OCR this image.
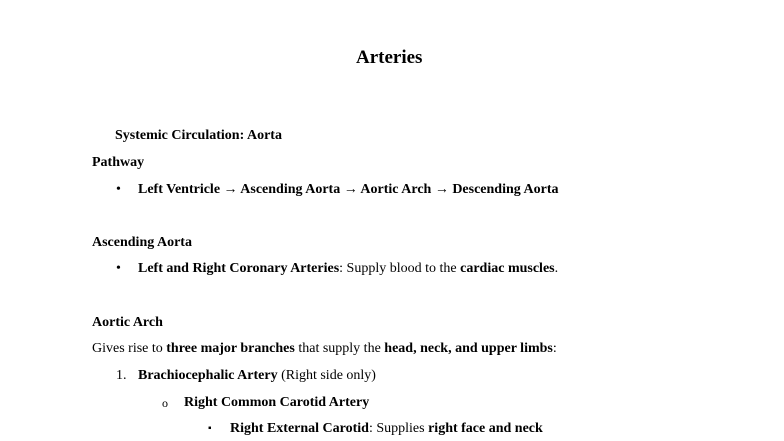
Arteries
Systemic Circulation: Aorta
Pathway
• Left Ventricle → Ascending Aorta → Aortic Arch → Descending Aorta
Ascending Aorta
• Left and Right Coronary Arteries: Supply blood to the cardiac muscles.
Aortic Arch
Gives rise to three major branches that supply the head, neck, and upper limbs:
1. Brachiocephalic Artery (Right side only)
o Right Common Carotid Artery
▪ Right External Carotid: Supplies right face and neck
